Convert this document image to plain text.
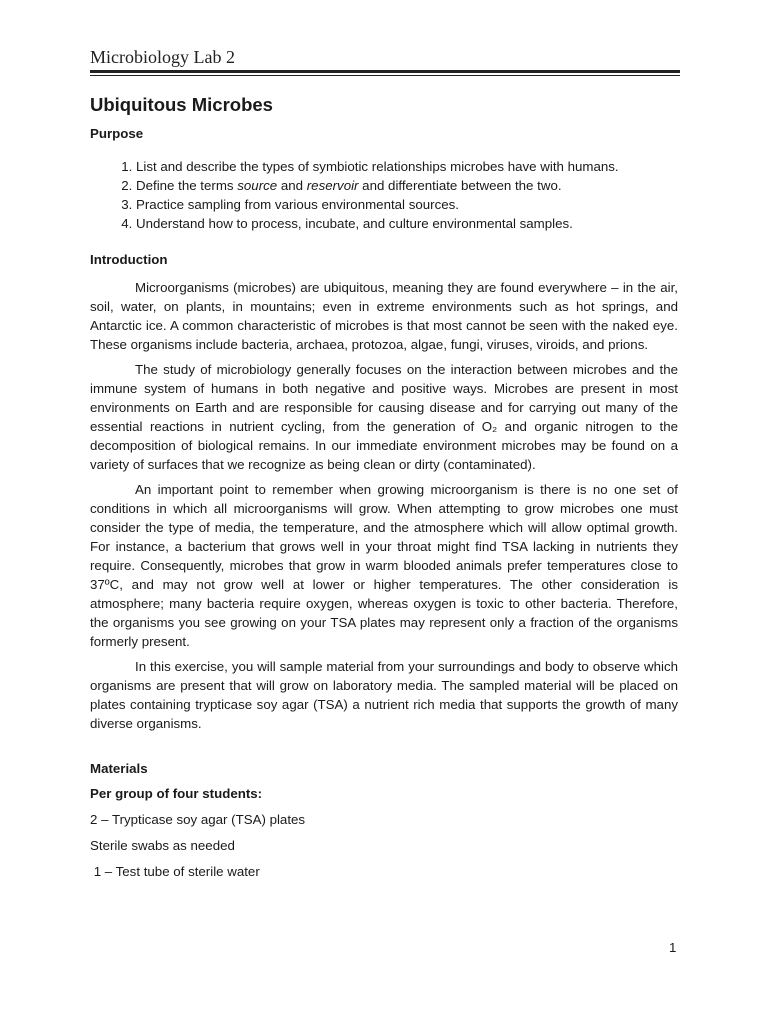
Microbiology Lab 2
Ubiquitous Microbes
Purpose
1. List and describe the types of symbiotic relationships microbes have with humans.
2. Define the terms source and reservoir and differentiate between the two.
3. Practice sampling from various environmental sources.
4. Understand how to process, incubate, and culture environmental samples.
Introduction

Microorganisms (microbes) are ubiquitous, meaning they are found everywhere – in the air, soil, water, on plants, in mountains; even in extreme environments such as hot springs, and Antarctic ice. A common characteristic of microbes is that most cannot be seen with the naked eye. These organisms include bacteria, archaea, protozoa, algae, fungi, viruses, viroids, and prions.

The study of microbiology generally focuses on the interaction between microbes and the immune system of humans in both negative and positive ways. Microbes are present in most environments on Earth and are responsible for causing disease and for carrying out many of the essential reactions in nutrient cycling, from the generation of O₂ and organic nitrogen to the decomposition of biological remains. In our immediate environment microbes may be found on a variety of surfaces that we recognize as being clean or dirty (contaminated).

An important point to remember when growing microorganism is there is no one set of conditions in which all microorganisms will grow. When attempting to grow microbes one must consider the type of media, the temperature, and the atmosphere which will allow optimal growth. For instance, a bacterium that grows well in your throat might find TSA lacking in nutrients they require. Consequently, microbes that grow in warm blooded animals prefer temperatures close to 37ºC, and may not grow well at lower or higher temperatures. The other consideration is atmosphere; many bacteria require oxygen, whereas oxygen is toxic to other bacteria. Therefore, the organisms you see growing on your TSA plates may represent only a fraction of the organisms formerly present.

In this exercise, you will sample material from your surroundings and body to observe which organisms are present that will grow on laboratory media. The sampled material will be placed on plates containing trypticase soy agar (TSA) a nutrient rich media that supports the growth of many diverse organisms.

Materials
Per group of four students:
2 – Trypticase soy agar (TSA) plates
Sterile swabs as needed
1 – Test tube of sterile water
1
